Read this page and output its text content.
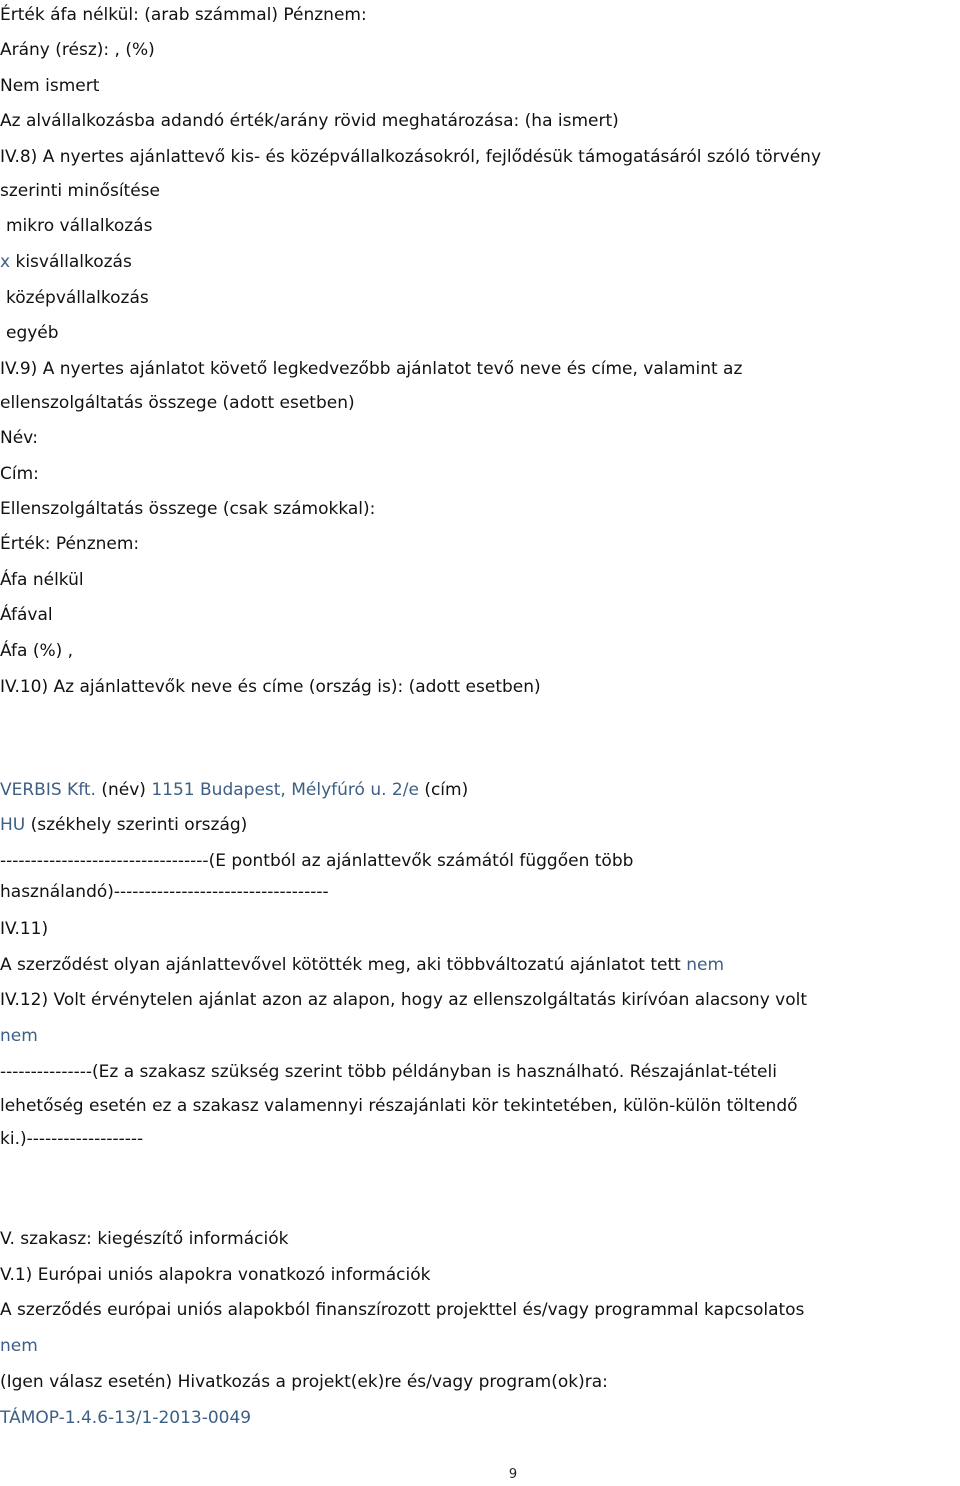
Érték áfa nélkül: (arab számmal) Pénznem:
Arány (rész): , (%)
Nem ismert
Az alvállalkozásba adandó érték/arány rövid meghatározása: (ha ismert)
IV.8) A nyertes ajánlattevő kis- és középvállalkozásokról, fejlődésük támogatásáról szóló törvény
szerinti minősítése
mikro vállalkozás
x kisvállalkozás
középvállalkozás
egyéb
IV.9) A nyertes ajánlatot követő legkedvezőbb ajánlatot tevő neve és címe, valamint az
ellenszolgáltatás összege (adott esetben)
Név:
Cím:
Ellenszolgáltatás összege (csak számokkal):
Érték: Pénznem:
Áfa nélkül
Áfával
Áfa (%) ,
IV.10) Az ajánlattevők neve és címe (ország is): (adott esetben)
VERBIS Kft. (név) 1151 Budapest, Mélyfúró u. 2/e (cím)
HU (székhely szerinti ország)
----------------------------------(E pontból az ajánlattevők számától függően több
használandó)-----------------------------------
IV.11)
A szerződést olyan ajánlattevővel kötötték meg, aki többváltozatú ajánlatot tett nem
IV.12) Volt érvénytelen ajánlat azon az alapon, hogy az ellenszolgáltatás kirívóan alacsony volt
nem
---------------(Ez a szakasz szükség szerint több példányban is használható. Részajánlat-tételi
lehetőség esetén ez a szakasz valamennyi részajánlati kör tekintetében, külön-külön töltendő
ki.)-------------------
V. szakasz: kiegészítő információk
V.1) Európai uniós alapokra vonatkozó információk
A szerződés európai uniós alapokból finanszírozott projekttel és/vagy programmal kapcsolatos
nem
(Igen válasz esetén) Hivatkozás a projekt(ek)re és/vagy program(ok)ra:
TÁMOP-1.4.6-13/1-2013-0049
9
